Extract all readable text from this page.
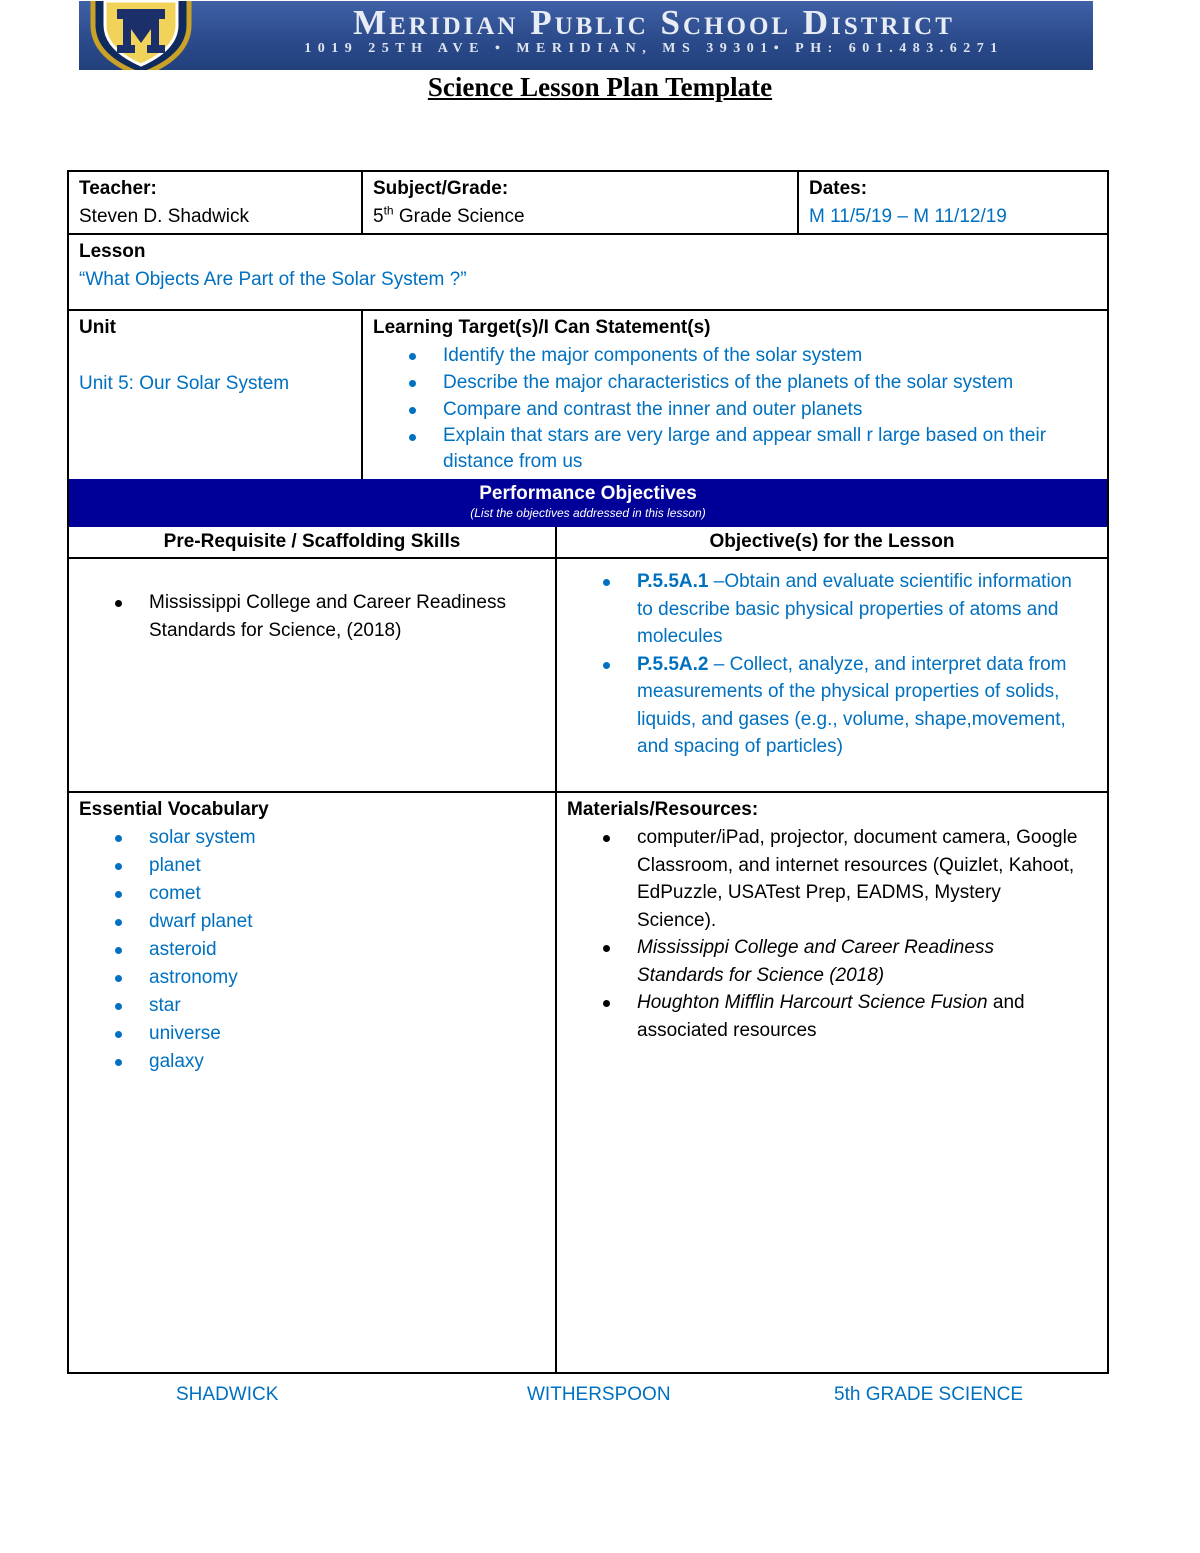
Meridian Public School District
1019 25TH AVE • MERIDIAN, MS 39301• PH: 601.483.6271
Science Lesson Plan Template
Teacher:
Steven D. Shadwick
Subject/Grade:
5th Grade Science
Dates:
M 11/5/19 – M 11/12/19
Lesson
“What Objects Are Part of the Solar System ?”
Unit
Unit 5: Our Solar System
Learning Target(s)/I Can Statement(s)
Identify the major components of the solar system
Describe the major characteristics of the planets of the solar system
Compare and contrast the inner and outer planets
Explain that stars are very large and appear small r large based on their distance from us
Performance Objectives
(List the objectives addressed in this lesson)
Pre-Requisite / Scaffolding Skills	Objective(s) for the Lesson
Mississippi College and Career Readiness Standards for Science, (2018)
P.5.5A.1 –Obtain and evaluate scientific information to describe basic physical properties of atoms and molecules
P.5.5A.2 – Collect, analyze, and interpret data from measurements of the physical properties of solids, liquids, and gases (e.g., volume, shape,movement, and spacing of particles)
Essential Vocabulary
solar system
planet
comet
dwarf planet
asteroid
astronomy
star
universe
galaxy
Materials/Resources:
computer/iPad, projector, document camera, Google Classroom, and internet resources (Quizlet, Kahoot, EdPuzzle, USATest Prep, EADMS, Mystery Science).
Mississippi College and Career Readiness Standards for Science (2018)
Houghton Mifflin Harcourt Science Fusion and associated resources
SHADWICK	WITHERSPOON	5th GRADE SCIENCE
